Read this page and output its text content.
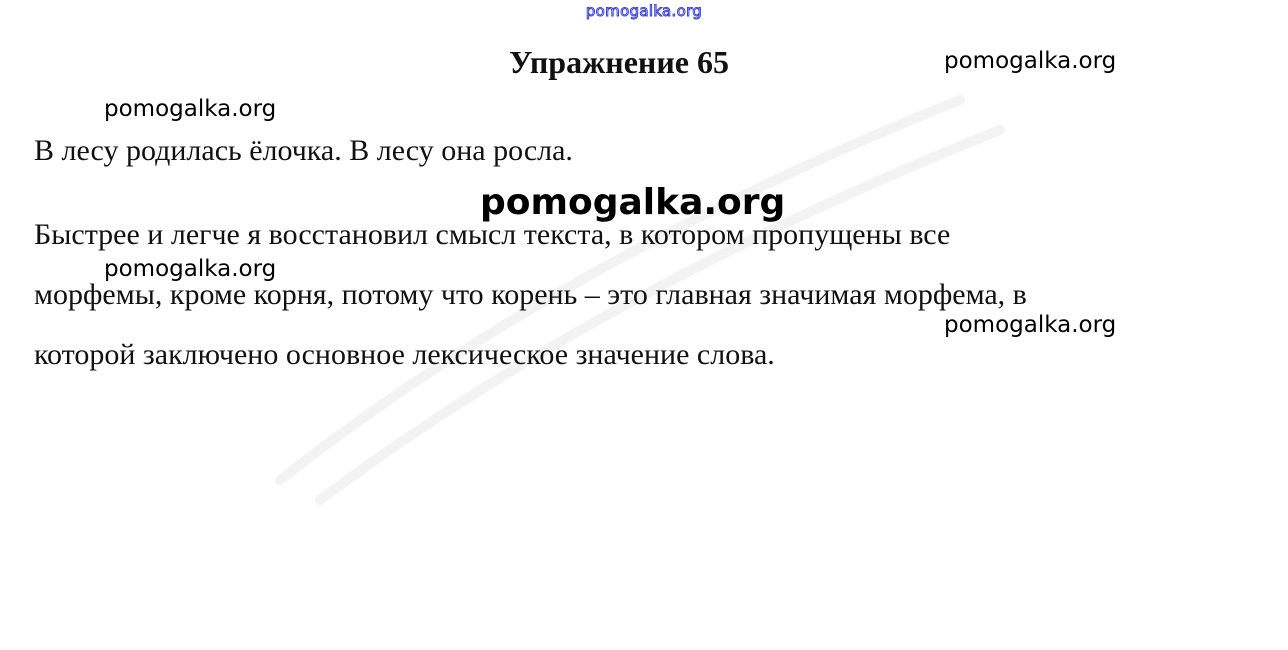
pomogalka.org
Упражнение 65	pomogalka.org
pomogalka.org
В лесу родилась ёлочка. В лесу она росла.
Быстрее и легче я восстановил смысл текста, в котором пропущены все
pomogalka.org
pomogalka.org
морфемы, кроме корня, потому что корень – это главная значимая морфема, в
pomogalka.org
которой заключено основное лексическое значение слова.
